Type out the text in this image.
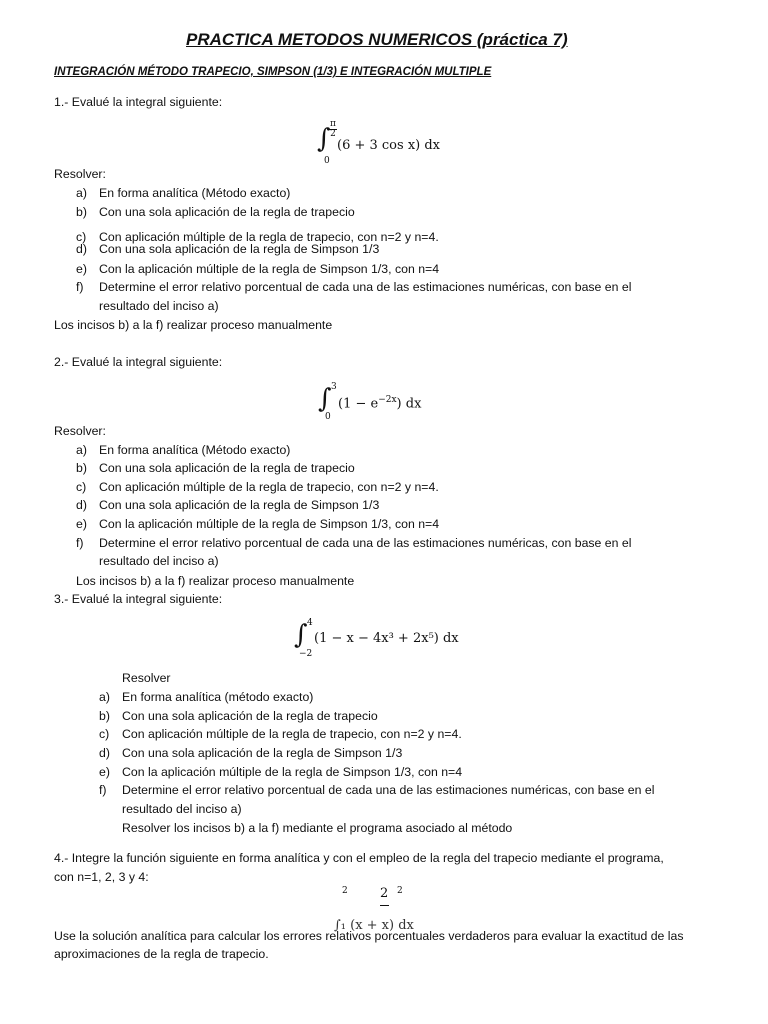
PRACTICA METODOS NUMERICOS (práctica 7)
INTEGRACIÓN MÉTODO TRAPECIO, SIMPSON (1/3) E INTEGRACIÓN MULTIPLE
1.- Evalué la integral siguiente:
∫ π
2
0
(6 + 3 cos x) dx
Resolver:
a) En forma analítica (Método exacto)
b) Con una sola aplicación de la regla de trapecio
c) Con aplicación múltiple de la regla de trapecio, con n=2 y n=4.
d) Con una sola aplicación de la regla de Simpson 1/3
e) Con la aplicación múltiple de la regla de Simpson 1/3, con n=4
f) Determine el error relativo porcentual de cada una de las estimaciones numéricas, con base en el
resultado del inciso a)
Los incisos b) a la f) realizar proceso manualmente
2.- Evalué la integral siguiente:
∫ 3
0
$(1 - e^{-2x})$ dx
Resolver:
a) En forma analítica (Método exacto)
b) Con una sola aplicación de la regla de trapecio
c) Con aplicación múltiple de la regla de trapecio, con n=2 y n=4.
d) Con una sola aplicación de la regla de Simpson 1/3
e) Con la aplicación múltiple de la regla de Simpson 1/3, con n=4
f) Determine el error relativo porcentual de cada una de las estimaciones numéricas, con base en el
resultado del inciso a)
Los incisos b) a la f) realizar proceso manualmente
3.- Evalué la integral siguiente:
∫ 4
−2
(1 − x − 4x³ + 2x⁵) dx
Resolver
a) En forma analítica (método exacto)
b) Con una sola aplicación de la regla de trapecio
c) Con aplicación múltiple de la regla de trapecio, con n=2 y n=4.
d) Con una sola aplicación de la regla de Simpson 1/3
e) Con la aplicación múltiple de la regla de Simpson 1/3, con n=4
f) Determine el error relativo porcentual de cada una de las estimaciones numéricas, con base en el
resultado del inciso a)
Resolver los incisos b) a la f) mediante el programa asociado al método
4.- Integre la función siguiente en forma analítica y con el empleo de la regla del trapecio mediante el programa,
con n=1, 2, 3 y 4:
2 2 2
∫₁ (x + x) dx
Use la solución analítica para calcular los errores relativos porcentuales verdaderos para evaluar la exactitud de las
aproximaciones de la regla de trapecio.
